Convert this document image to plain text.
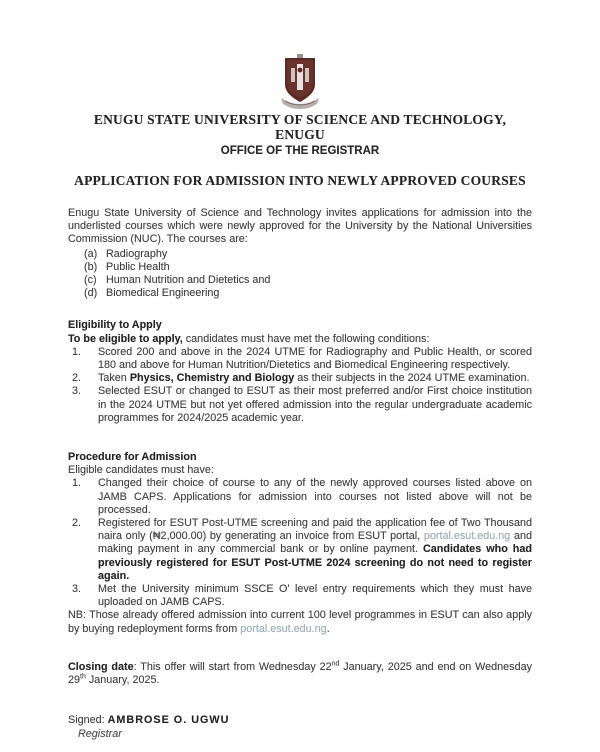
ENUGU STATE UNIVERSITY OF SCIENCE AND TECHNOLOGY, ENUGU
OFFICE OF THE REGISTRAR
APPLICATION FOR ADMISSION INTO NEWLY APPROVED COURSES
Enugu State University of Science and Technology invites applications for admission into the underlisted courses which were newly approved for the University by the National Universities Commission (NUC). The courses are:
(a) Radiography
(b) Public Health
(c) Human Nutrition and Dietetics and
(d) Biomedical Engineering
Eligibility to Apply
To be eligible to apply, candidates must have met the following conditions:
1.	Scored 200 and above in the 2024 UTME for Radiography and Public Health, or scored 180 and above for Human Nutrition/Dietetics and Biomedical Engineering respectively.
2.	Taken Physics, Chemistry and Biology as their subjects in the 2024 UTME examination.
3.	Selected ESUT or changed to ESUT as their most preferred and/or First choice institution in the 2024 UTME but not yet offered admission into the regular undergraduate academic programmes for 2024/2025 academic year.
Procedure for Admission
Eligible candidates must have:
1.	Changed their choice of course to any of the newly approved courses listed above on JAMB CAPS. Applications for admission into courses not listed above will not be processed.
2.	Registered for ESUT Post-UTME screening and paid the application fee of Two Thousand naira only (₦2,000.00) by generating an invoice from ESUT portal, portal.esut.edu.ng and making payment in any commercial bank or by online payment. Candidates who had previously registered for ESUT Post-UTME 2024 screening do not need to register again.
3.	Met the University minimum SSCE O' level entry requirements which they must have uploaded on JAMB CAPS.
NB: Those already offered admission into current 100 level programmes in ESUT can also apply by buying redeployment forms from portal.esut.edu.ng.
Closing date: This offer will start from Wednesday 22nd January, 2025 and end on Wednesday 29th January, 2025.
Signed: AMBROSE O. UGWU
Registrar
